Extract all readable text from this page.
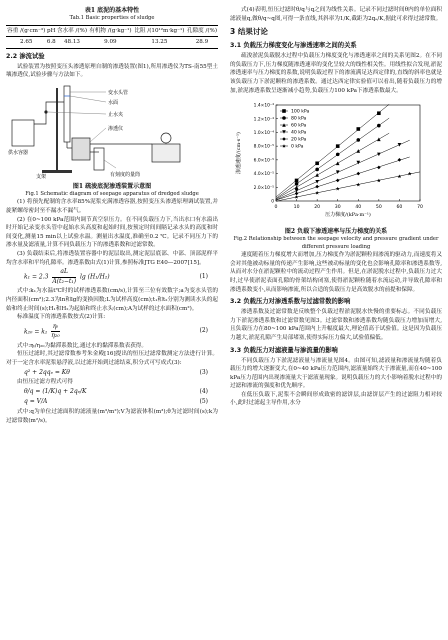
表1 底泥的基本特性
Tab.1 Basic properties of sludge
容重 /(g·cm⁻³)	pH	含水率 /(%)	有机物 /(g·kg⁻¹)	比阻 /(10¹²m·kg⁻¹)	孔隙度 /(%)

2.65	6.8	48.13	9.09	13.25	28.9
2.2 渗流试验

试验装置为按照变压头渗透原理自制的渗透装置(图1),所用渗透仪为TS-南55型土壤渗透仪,试验步骤与方法如下。

变水头管
水面
止水夹
渗透仪
有刻度的量筒
支架
供水容器
图1 疏浚底泥渗透装置示意图
Fig.1 Schematic diagram of seepage apparatus of dredged sludge

(1) 将预先配制的含水率85%泥浆充满渗透容器,按照变压头渗透原理调试装置,并旋紧螺母密封至不漏水不漏气。

(2) 在0~100 kPa范围内调节真空泵压力。在不同负载压力下,当出水口有水溢出时开始记录变水头管中起始水头高度和起始时间,按预定时间间隔记录水头的高度和时间变化,测量15 min以上试验水温。测量出水温度,准确至0.2 ℃。记录不同压力下的渗水量及滤液量,计算不同负载压力下的渗透系数和过滤常数。

(3) 负载结束后,将渗透装置容器中的泥层取出,测定泥层底部、中部、顶部泥样平均含水率和平均孔隙率。渗透系数由式(1)计算,参照标准JTG E40—2007[15]。

$k_1 = 2.3 \frac{aL}{\text{A(t₂−t₁)}}$ lg (H₁/H₂)	(1)

式中:k₁为水温t℃时的试样渗透系数(cm/s),计算至三位有效数字;a为变水头管的内径面积(cm²);2.3为ln和lg的变换因数;L为试样高度(cm);t₁和t₂分别为测读水头的起始和终止时间(s);H₁和H₂为起始和终止水头(cm);A为试样的过水面积(cm²)。

标准温度下的渗透系数按式(2)计算:

$k_{20} = k_1 \frac{\text{ηₜ}}{\text{η₂₀}}$	(2)

式中:ηₜ/η₂₀为黏滞系数比,通过水的黏滞系数表获得。

恒压过滤时,其过滤常数参考朱金殿[16]提出的恒压过滤常数测定方法进行计算。对于一定含水率泥浆悬浮液,以过滤开始到过滤结束,积分式可写成式(3):

q² + 2qqₑ = Kθ	(3)

由恒压过滤方程式可得

θ/q = (1/K)q + 2qₑ/K	(4)
q = V/A	(5)

式中:q为单位过滤面积的滤液量(m³/m²);V为滤液体积(m³);θ为过滤时间(s);k为过滤常数(m²/s)。

式(4)表明,恒压过滤时θ/q与q之间为线性关系。记录不同过滤时间θ内的单位面积滤液量q,做θ/q~q图,可得一条直线,其斜率为1/K,截距为2qₑ/K,据此可求得过滤常数。

3 结果讨论
3.1 负载压力梯度变化与渗透速率之间的关系

疏浚淤泥负载脱水过程中负载压力梯度变化与渗透速率之间的关系见图2。在不同的负载压力下,压力梯度随渗透速率的变化呈较大的线性相关性。用线性拟合发现,淤泥渗透速率与压力梯度的系数,说明负载过程下的渗流满足达西定律的,直线的斜率也就是该负载压力下淤泥颗粒的渗透系数。通过达西定律实验值可以看出,随着负载压力的增加,淤泥渗透系数呈逐渐减小趋势,负载压力100 kPa下渗透系数最大。

0
2.0×10⁻⁵
4.0×10⁻⁵
6.0×10⁻⁵
8.0×10⁻⁵
1.0×10⁻⁴
1.2×10⁻⁴
1.4×10⁻⁴
0	10	20	30	40	50	60	70
压力梯度/(kPa·m⁻¹)
渗透速度/(cm·s⁻¹)
100 kPa
80 kPa
60 kPa
40 kPa
20 kPa
0 kPa
图2 负载下渗透速率与压力梯度的关系
Fig.2 Relationship between the seepage velocity and pressure gradient under different pressure loading

速度随着压力梯度增大而增加,压力梯度作为淤泥颗粒间渗流的驱动力,而速度将又会对其他被动标量的传递产生影响,这些被动标量的变化也会影响孔隙率和渗透系数等,从而对水分在淤泥颗粒中的流动过程产生作用。但是,在淤泥脱水过程中,负载压力过大时,过早使淤泥表面孔隙的骨架结构闭塞,使得淤泥颗粒随着水流运动,并导致孔隙率和渗透系数变小,从而影响渗流,所以合适的负载压力是高效脱水的前提和保障。

3.2 负载压力对渗透系数与过滤常数的影响

渗透系数及过滤常数是反映整个负载过程淤泥脱水快慢的重要标志。不同负载压力下淤泥渗透系数和过滤常数见图3。过滤常数和渗透系数均随负载压力增加而增大,且负载压力在80~100 kPa范围内上升幅度最大,理论值高于试验值。这是因为负载压力越大,淤泥孔隙产生局部堵塞,使得实际压力偏大,试验值偏低。

3.3 负载压力对滤液量与渗流量的影响

不同负载压力下淤泥滤液量与渗流量见图4。由图可知,滤液量和渗流量均随着负载压力的增大逐渐变大,在0~40 kPa压力范围内,滤液量始终大于渗流量,而在40~100 kPa压力范围内出现渗流量大于滤液量现象。说明负载压力的大小影响着脱水过程中的过滤和渗流的强度和优先顺序。

在低压负载下,泥浆不会瞬间形成致密的滤饼层,由滤饼层产生的过滤阻力相对较小,此时过滤起主导作用,水分
